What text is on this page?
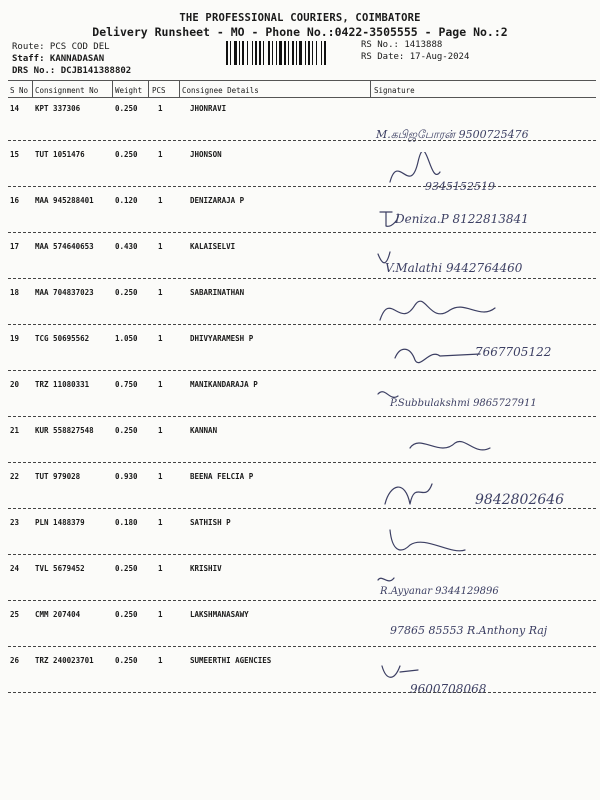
THE PROFESSIONAL COURIERS, COIMBATORE
Delivery Runsheet - MO - Phone No.:0422-3505555 - Page No.:2
Route: PCS COD DEL
Staff: KANNADASAN
DRS No.: DCJB141388802
RS No.: 1413888
RS Date: 17-Aug-2024
S No Consignment No Weight PCS Consignee Details	Signature
14 KPT 337306	0.250	1	JHONRAVI
M.கபிஜபோரன் 9500725476
15 TUT 1051476	0.250	1	JHONSON
9345152519
16 MAA 945288401	0.120	1	DENIZARAJA P
Deniza.P 8122813841
17 MAA 574640653	0.430	1	KALAISELVI
V.Malathi 9442764460
18 MAA 704837023	0.250	1	SABARINATHAN
19 TCG 50695562	1.050	1	DHIVYARAMESH P
7667705122
20 TRZ 11080331	0.750	1	MANIKANDARAJA P
P.Subbulakshmi 9865727911
21 KUR 558827548	0.250	1	KANNAN
22 TUT 979028	0.930	1	BEENA FELCIA P
9842802646
23 PLN 1488379	0.180	1	SATHISH P
24 TVL 5679452	0.250	1	KRISHIV
R.Ayyanar 9344129896
25 CMM 207404	0.250	1	LAKSHMANASAWY
97865 85553 R.Anthony Raj
26 TRZ 240023701	0.250	1	SUMEERTHI AGENCIES
9600708068
